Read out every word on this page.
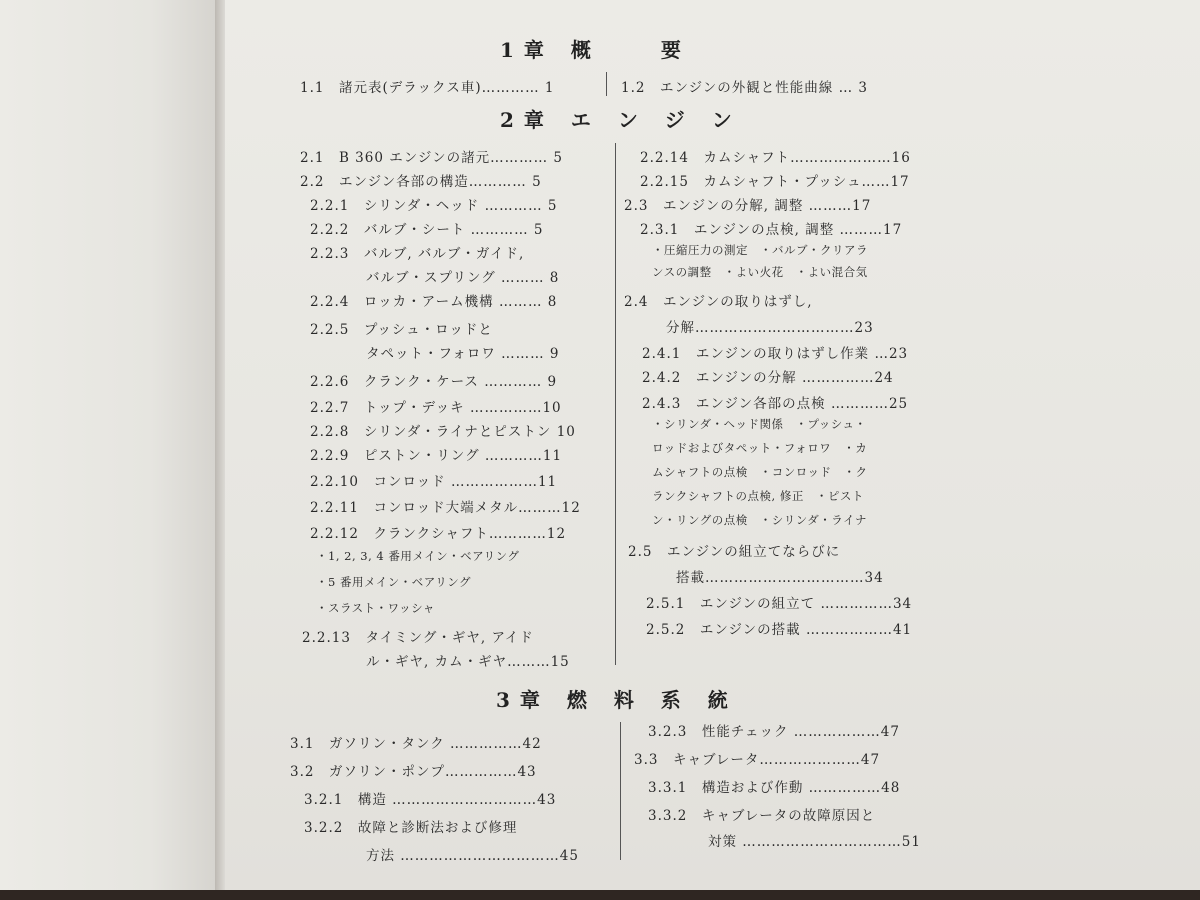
1章 概　　要
1.1　諸元表(デラックス車)………… 1	1.2　エンジンの外観と性能曲線 … 3
2章 エ ン ジ ン
2.1　B 360 エンジンの諸元………… 5
2.2　エンジン各部の構造………… 5
2.2.1　シリンダ・ヘッド ………… 5
2.2.2　バルブ・シート ………… 5
2.2.3　バルブ, バルブ・ガイド,
バルブ・スプリング ……… 8
2.2.4　ロッカ・アーム機構 ……… 8
2.2.5　プッシュ・ロッドと
タペット・フォロワ ……… 9
2.2.6　クランク・ケース ………… 9
2.2.7　トップ・デッキ ……………10
2.2.8　シリンダ・ライナとピストン 10
2.2.9　ピストン・リング …………11
2.2.10　コンロッド ………………11
2.2.11　コンロッド大端メタル………12
2.2.12　クランクシャフト…………12
・1, 2, 3, 4 番用メイン・ベアリング
・5 番用メイン・ベアリング
・スラスト・ワッシャ
2.2.13　タイミング・ギヤ, アイド
ル・ギヤ, カム・ギヤ………15
2.2.14　カムシャフト…………………16
2.2.15　カムシャフト・プッシュ……17
2.3　エンジンの分解, 調整 ………17
2.3.1　エンジンの点検, 調整 ………17
・圧縮圧力の測定　・バルブ・クリアラ
ンスの調整　・よい火花　・よい混合気
2.4　エンジンの取りはずし,
分解……………………………23
2.4.1　エンジンの取りはずし作業 …23
2.4.2　エンジンの分解 ……………24
2.4.3　エンジン各部の点検 …………25
・シリンダ・ヘッド関係　・プッシュ・
ロッドおよびタペット・フォロワ　・カ
ムシャフトの点検　・コンロッド　・ク
ランクシャフトの点検, 修正　・ピスト
ン・リングの点検　・シリンダ・ライナ
2.5　エンジンの組立てならびに
搭載……………………………34
2.5.1　エンジンの組立て ……………34
2.5.2　エンジンの搭載 ………………41
3章 燃 料 系 統
3.1　ガソリン・タンク ……………42
3.2　ガソリン・ポンプ……………43
3.2.1　構造 …………………………43
3.2.2　故障と診断法および修理
方法 ……………………………45
3.2.3　性能チェック ………………47
3.3　キャブレータ…………………47
3.3.1　構造および作動 ……………48
3.3.2　キャブレータの故障原因と
対策 ……………………………51
